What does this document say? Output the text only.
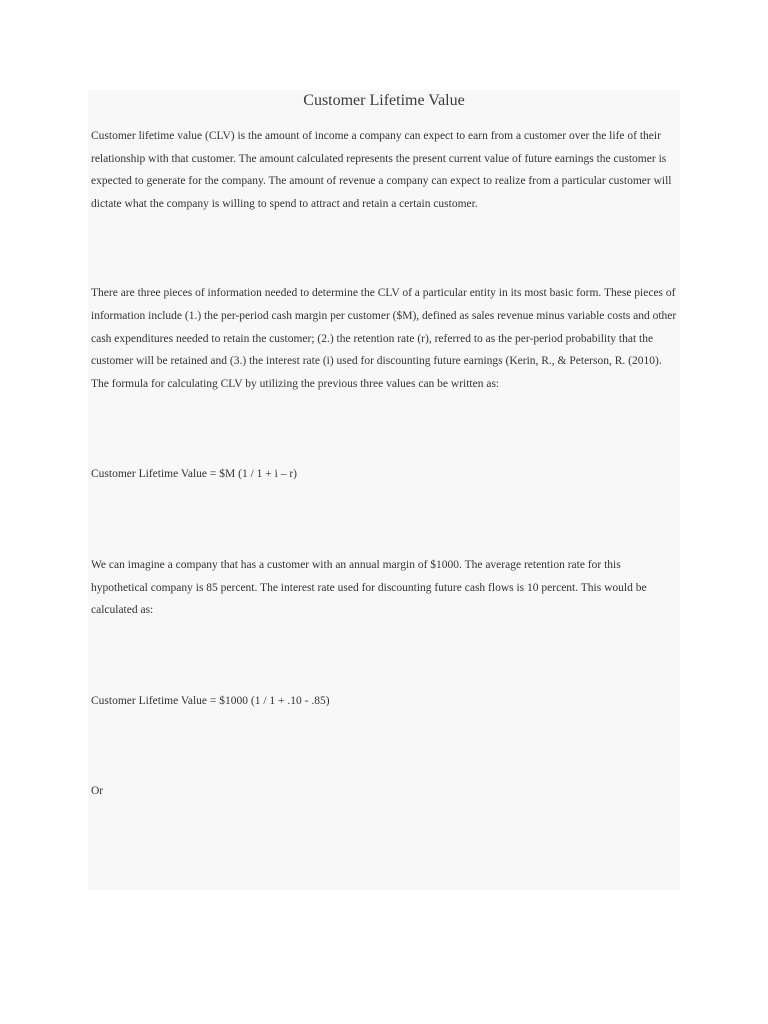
Customer Lifetime Value

Customer lifetime value (CLV) is the amount of income a company can expect to earn from a customer over the life of their relationship with that customer. The amount calculated represents the present current value of future earnings the customer is expected to generate for the company. The amount of revenue a company can expect to realize from a particular customer will dictate what the company is willing to spend to attract and retain a certain customer.

There are three pieces of information needed to determine the CLV of a particular entity in its most basic form. These pieces of information include (1.) the per-period cash margin per customer ($M), defined as sales revenue minus variable costs and other cash expenditures needed to retain the customer; (2.) the retention rate (r), referred to as the per-period probability that the customer will be retained and (3.) the interest rate (i) used for discounting future earnings (Kerin, R., & Peterson, R. (2010). The formula for calculating CLV by utilizing the previous three values can be written as:

Customer Lifetime Value = $M (1 / 1 + i – r)

We can imagine a company that has a customer with an annual margin of $1000. The average retention rate for this hypothetical company is 85 percent. The interest rate used for discounting future cash flows is 10 percent. This would be calculated as:

Customer Lifetime Value = $1000 (1 / 1 + .10 - .85)

Or
